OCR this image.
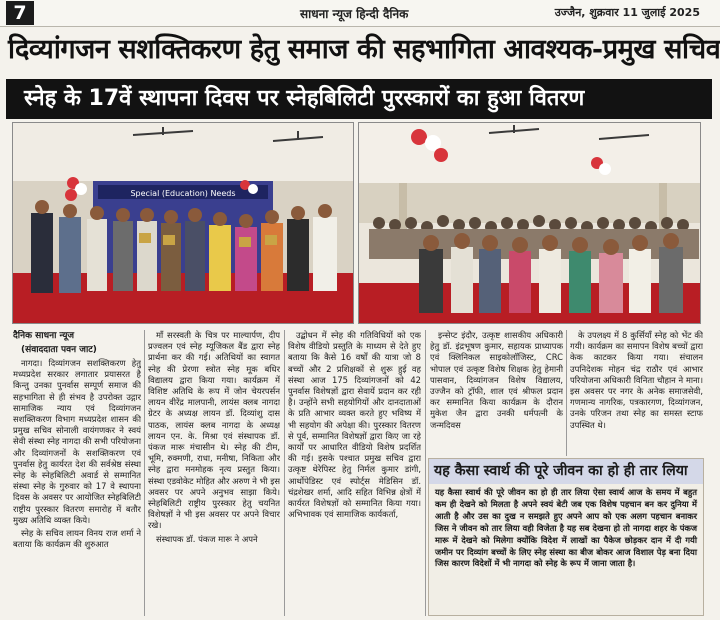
7	साधना न्यूज हिन्दी दैनिक	उज्जैन, शुक्रवार 11 जुलाई 2025
दिव्यांगजन सशक्तिकरण हेतु समाज की सहभागिता आवश्यक-प्रमुख सचिव
स्नेह के 17वें स्थापना दिवस पर स्नेहबिलिटी पुरस्कारों का हुआ वितरण
Special (Education) Needs

दैनिक साधना न्यूज

(संवाददाता पवन जाट)

नागदा। दिव्यांगजन सशक्तिकरण हेतु मध्यप्रदेश सरकार लगातार प्रयासरत है किन्तु उनका पुनर्वास सम्पूर्ण समाज की सहभागिता से ही संभव है उपरोक्त उद्गार सामाजिक न्याय एवं दिव्यांगजन सशक्तिकरण विभाग मध्यप्रदेश शासन की प्रमुख सचिव सोनाली वायंगणकर ने स्वयं सेवी संस्था स्नेह नागदा की सभी परियोजना और दिव्यांगजनों के सशक्तिकरण एवं पुनर्वास हेतु कार्यरत देश की सर्वश्रेष्ठ संस्था स्नेह के स्नेहबिलिटी अवार्ड से सम्मानित संस्था स्नेह के गुरुवार को 17 वे स्थापना दिवस के अवसर पर आयोजित स्नेहबिलिटी राष्ट्रीय पुरस्कार वितरण समारोह में बतौर मुख्य अतिथि व्यक्त किये।

स्नेह के सचिव लायन विनय राज शर्मा ने बताया कि कार्यक्रम की शुरुआत

माँ सरस्वती के चित्र पर माल्यार्पण, दीप प्रज्वलन एवं स्नेह म्यूजिकल बैंड द्वारा स्नेह प्रार्थना कर की गई। अतिथियों का स्वागत स्नेह की प्रेरणा स्त्रोत स्नेह मूक बधिर विद्यालय द्वारा किया गया। कार्यक्रम में विशिष्ट अतिथि के रूप में जोन चेयरपर्सन लायन वीरेंद्र मालपानी, लायंस क्लब नागदा ग्रेटर के अध्यक्ष लायन डॉ. दिव्यांशु दास पाठक, लायंस क्लब नागदा के अध्यक्ष लायन एन. के. मिश्रा एवं संस्थापक डॉ. पंकज मारू मंचासीन थे। स्नेह की टीम, भूमि, रुक्मणी, राधा, मनीषा, निकिता और स्नेह द्वारा मनमोहक नृत्य प्रस्तुत किया। संस्था एडवोकेट मोहित और अरुण ने भी इस अवसर पर अपने अनुभव साझा किये। स्नेहबिलिटी राष्ट्रीय पुरस्कार हेतु चयनित विशेषज्ञों ने भी इस अवसर पर अपने विचार रखे।

संस्थापक डॉ. पंकज मारू ने अपने

उद्बोधन में स्नेह की गतिविधियों को एक विशेष वीडियो प्रस्तुति के माध्यम से देते हुए बताया कि कैसे 16 वर्षों की यात्रा जो 8 बच्चों और 2 प्रशिक्षकों से शुरू हुई वह संस्था आज 175 दिव्यांगजनों को 42 पुनर्वास विशेषज्ञों द्वारा सेवायें प्रदान कर रही है। उन्होंने सभी सहयोगियों और दानदाताओं के प्रति आभार व्यक्त करते हुए भविष्य में भी सहयोग की अपेक्षा की। पुरस्कार वितरण से पूर्व, सम्मानित विशेषज्ञों द्वारा किए जा रहे कार्यों पर आधारित वीडियो विशेष प्रदर्शित की गई। इसके पश्चात प्रमुख सचिव द्वारा उत्कृष्ट थेरेपिस्ट हेतु निर्मल कुमार डांगी, आर्थोपेडिस्ट एवं स्पोर्ट्स मेडिसिन डॉ. चंद्रशेखर शर्मा, आदि सहित विभिन्न क्षेत्रों में कार्यरत विशेषज्ञों को सम्मानित किया गया। अभिभावक एवं सामाजिक कार्यकर्ता,

इन्सेप्ट इंदौर, उत्कृष्ट शासकीय अधिकारी हेतु डॉ. इंद्रभूषण कुमार, सहायक प्राध्यापक एवं क्लिनिकल साइकोलॉजिस्ट, CRC भोपाल एवं उत्कृष्ट विशेष शिक्षक हेतु हेमानी पासवान, दिव्यांगजन विशेष विद्यालय, उज्जैन को ट्रॉफी, शाल एवं श्रीफल प्रदान कर सम्मानित किया कार्यक्रम के दौरान मुकेश जैन द्वारा उनकी धर्मपत्नी के जन्मदिवस

के उपलक्ष्य में 8 कुर्सियाँ स्नेह को भेंट की गयी। कार्यक्रम का समापन विशेष बच्चों द्वारा केक काटकर किया गया। संचालन उपनिदेशक मोहन चंद्र राठौर एवं आभार परियोजना अधिकारी विनिता चौहान ने माना। इस अवसर पर नगर के अनेक समाजसेवी, गणमान्य नागरिक, पत्रकारगण, दिव्यांगजन, उनके परिजन तथा स्नेह का समस्त स्टाफ उपस्थित थे।

यह कैसा स्वार्थ की पूरे जीवन का हो ही तार लिया
यह कैसा स्वार्थ की पूरे जीवन का हो ही तार लिया ऐसा स्वार्थ आज के समय में बहुत कम ही देखने को मिलता है अपने स्वयं बेटी जब एक विशेष पहचान बन कर दुनिया में आती है और उस का दुख न समझते हुए अपने आप को एक अलग पहचान बनाकर जिस ने जीवन को तार लिया वही विजेता है यह सब देखना हो तो नागदा शहर के पंकज मारू में देखने को मिलेगा क्योंकि विदेश में लाखों का पैकेज छोड़कर दान में दी गयी जमीन पर दिव्यांग बच्चों के लिए स्नेह संस्था का बीज बोकर आज विशाल पेड़ बना दिया जिस कारण विदेशों में भी नागदा को स्नेह के रूप में जाना जाता है।
